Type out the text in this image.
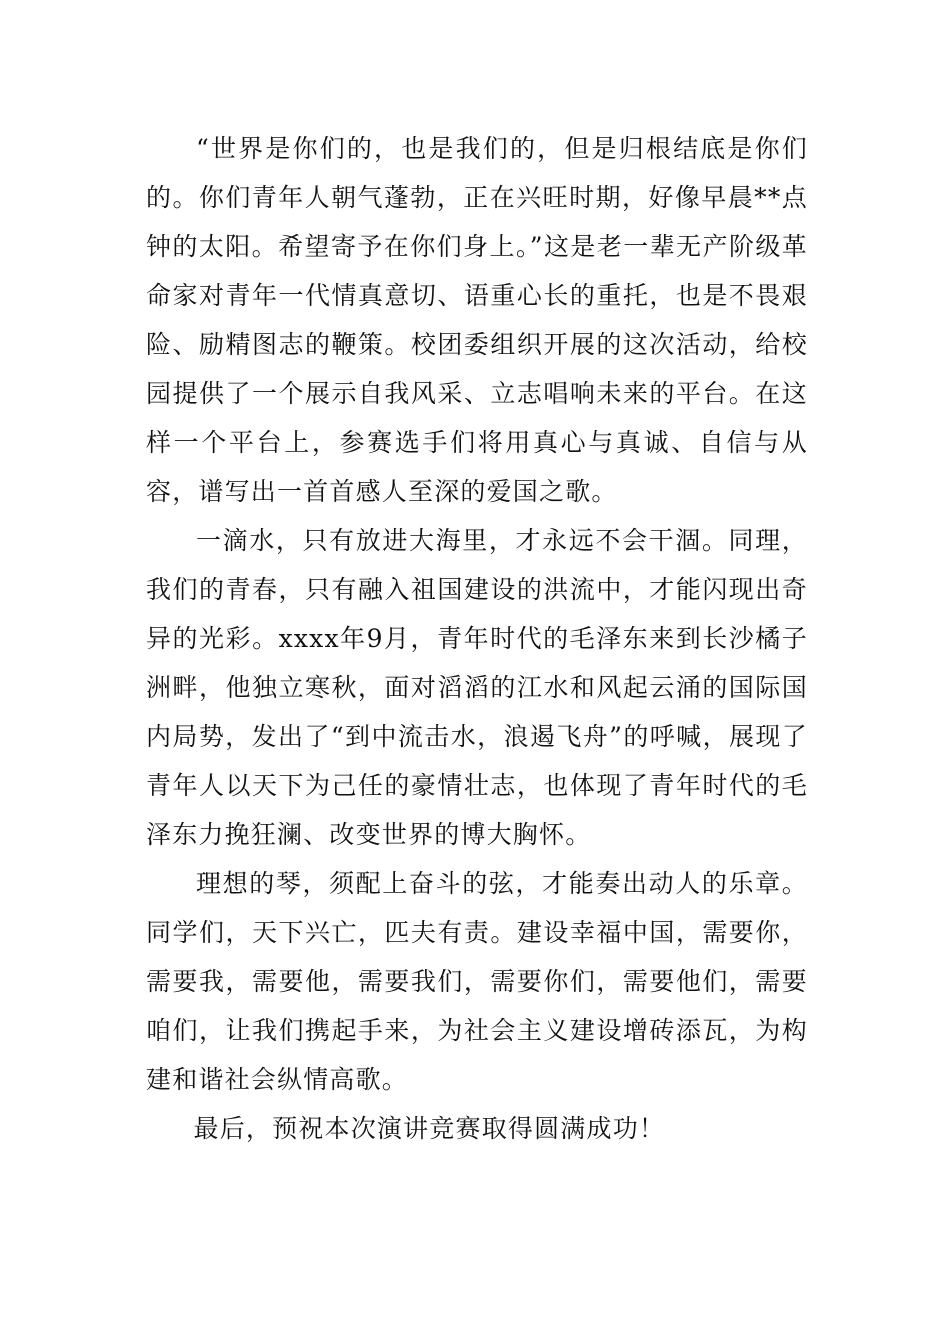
“世界是你们的，也是我们的，但是归根结底是你们的。你们青年人朝气蓬勃，正在兴旺时期，好像早晨**点钟的太阳。希望寄予在你们身上。”这是老一辈无产阶级革命家对青年一代情真意切、语重心长的重托，也是不畏艰险、励精图志的鞭策。校团委组织开展的这次活动，给校园提供了一个展示自我风采、立志唱响未来的平台。在这样一个平台上，参赛选手们将用真心与真诚、自信与从容，谱写出一首首感人至深的爱国之歌。

一滴水，只有放进大海里，才永远不会干涸。同理，我们的青春，只有融入祖国建设的洪流中，才能闪现出奇异的光彩。xxxx年9月，青年时代的毛泽东来到长沙橘子洲畔，他独立寒秋，面对滔滔的江水和风起云涌的国际国内局势，发出了“到中流击水，浪遏飞舟”的呼喊，展现了青年人以天下为己任的豪情壮志，也体现了青年时代的毛泽东力挽狂澜、改变世界的博大胸怀。

理想的琴，须配上奋斗的弦，才能奏出动人的乐章。同学们，天下兴亡，匹夫有责。建设幸福中国，需要你，需要我，需要他，需要我们，需要你们，需要他们，需要咱们，让我们携起手来，为社会主义建设增砖添瓦，为构建和谐社会纵情高歌。

最后，预祝本次演讲竞赛取得圆满成功！
